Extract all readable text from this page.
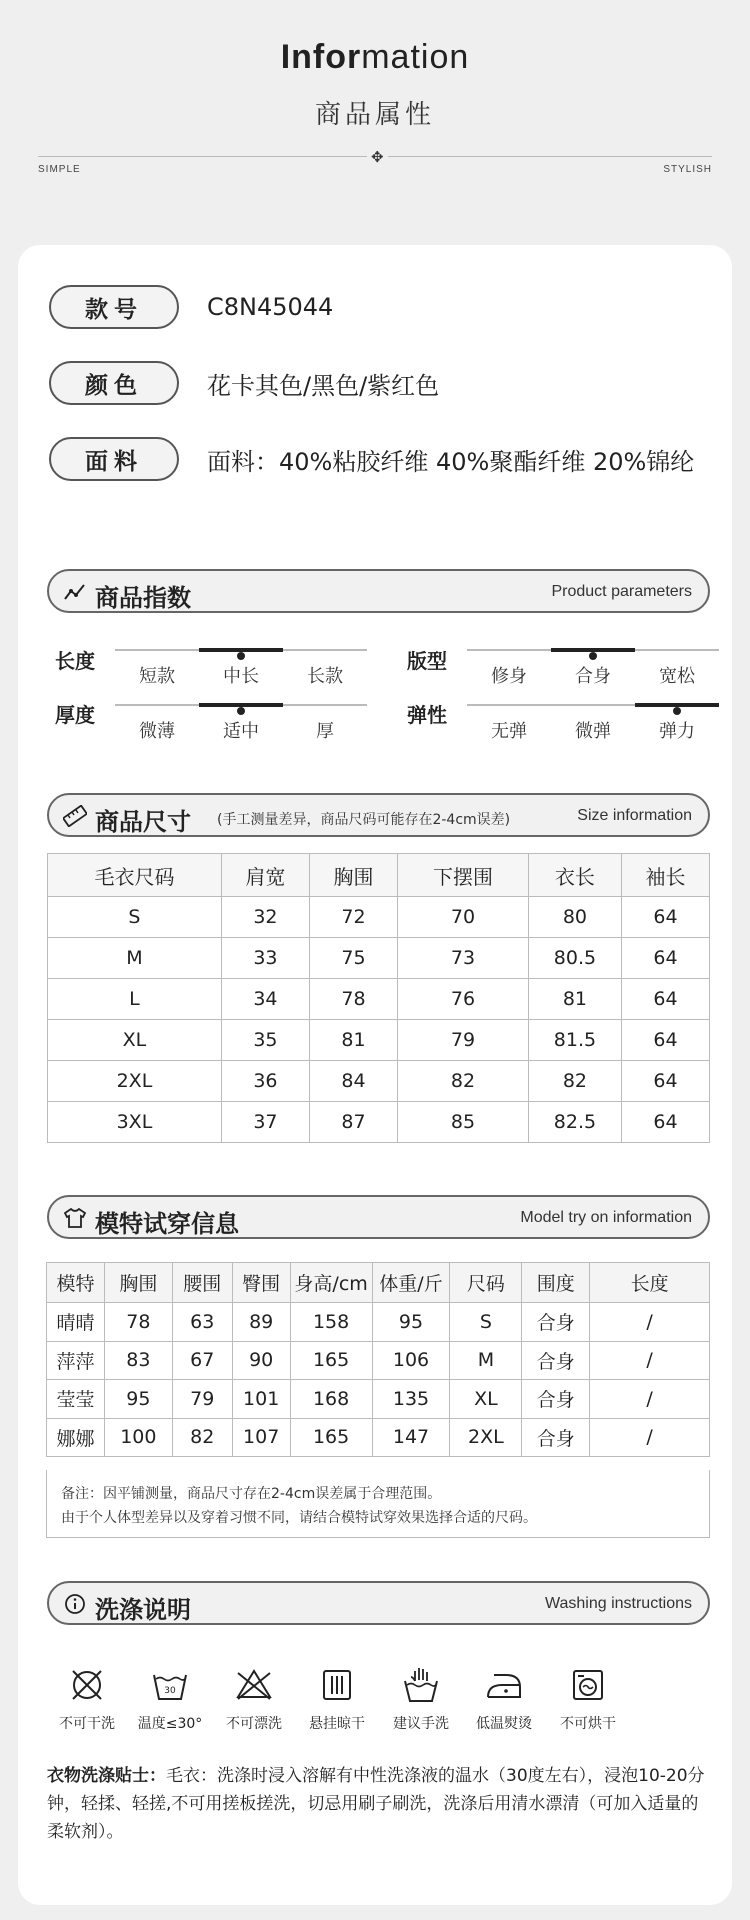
Information
商品属性
✥
SIMPLE	STYLISH
款号	C8N45044
颜色	花卡其色/黑色/紫红色
面料	面料：40%粘胶纤维 40%聚酯纤维 20%锦纶
商品指数	Product parameters
长度
短款	中长	长款
版型
修身	合身	宽松
厚度
微薄	适中	厚
弹性
无弹	微弹	弹力
商品尺寸 (手工测量差异，商品尺码可能存在2-4cm误差)	Size information
毛衣尺码	肩宽	胸围	下摆围	衣长	袖长
S	32	72	70	80	64
M	33	75	73	80.5	64
L	34	78	76	81	64
XL	35	81	79	81.5	64
2XL	36	84	82	82	64
3XL	37	87	85	82.5	64
模特试穿信息	Model try on information
模特	胸围	腰围	臀围	身高/cm	体重/斤	尺码	围度	长度
晴晴	78	63	89	158	95	S	合身	/
萍萍	83	67	90	165	106	M	合身	/
莹莹	95	79	101	168	135	XL	合身	/
娜娜	100	82	107	165	147	2XL	合身	/
备注：因平铺测量，商品尺寸存在2-4cm误差属于合理范围。
由于个人体型差异以及穿着习惯不同，请结合模特试穿效果选择合适的尺码。
洗涤说明	Washing instructions
不可干洗
30
温度≤30°	不可漂洗	悬挂晾干	建议手洗	低温熨烫	不可烘干
衣物洗涤贴士：毛衣：洗涤时浸入溶解有中性洗涤液的温水（30度左右），浸泡10-20分钟，轻揉、轻搓,不可用搓板搓洗，切忌用刷子刷洗，洗涤后用清水漂清（可加入适量的柔软剂）。
